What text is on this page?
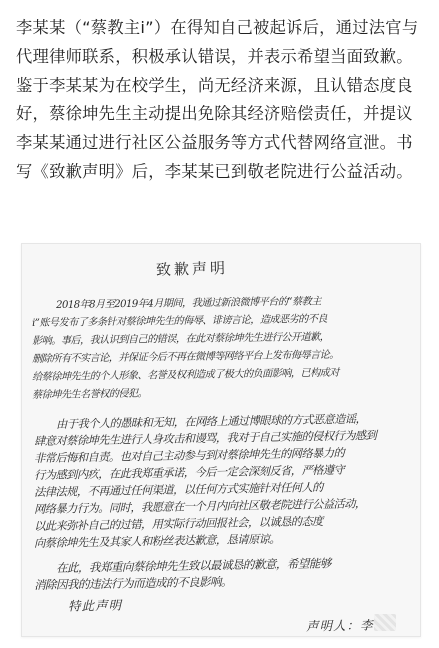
李某某（“蔡教主i”）在得知自己被起诉后，通过法官与代理律师联系，积极承认错误，并表示希望当面致歉。鉴于李某某为在校学生，尚无经济来源，且认错态度良好，蔡徐坤先生主动提出免除其经济赔偿责任，并提议李某某通过进行社区公益服务等方式代替网络宣泄。书写《致歉声明》后，李某某已到敬老院进行公益活动。

致歉声明
2018年8月至2019年4月期间，我通过新浪微博平台的“蔡教主
i”账号发布了多条针对蔡徐坤先生的侮辱、诽谤言论，造成恶劣的不良
影响。事后，我认识到自己的错误，在此对蔡徐坤先生进行公开道歉，
删除所有不实言论，并保证今后不再在微博等网络平台上发布侮辱言论。
给蔡徐坤先生的个人形象、名誉及权利造成了极大的负面影响，已构成对
蔡徐坤先生名誉权的侵犯。
由于我个人的愚昧和无知，在网络上通过博眼球的方式恶意造谣，
肆意对蔡徐坤先生进行人身攻击和谩骂，我对于自己实施的侵权行为感到
非常后悔和自责。也对自己主动参与到对蔡徐坤先生的网络暴力的
行为感到内疚，在此我郑重承诺，今后一定会深刻反省，严格遵守
法律法规，不再通过任何渠道，以任何方式实施针对任何人的
网络暴力行为。同时，我愿意在一个月内向社区敬老院进行公益活动，
以此来弥补自己的过错，用实际行动回报社会，以诚恳的态度
向蔡徐坤先生及其家人和粉丝表达歉意，恳请原谅。
特此声明
声明人：李
在此，我郑重向蔡徐坤先生致以最诚恳的歉意，希望能够
消除因我的违法行为而造成的不良影响。
